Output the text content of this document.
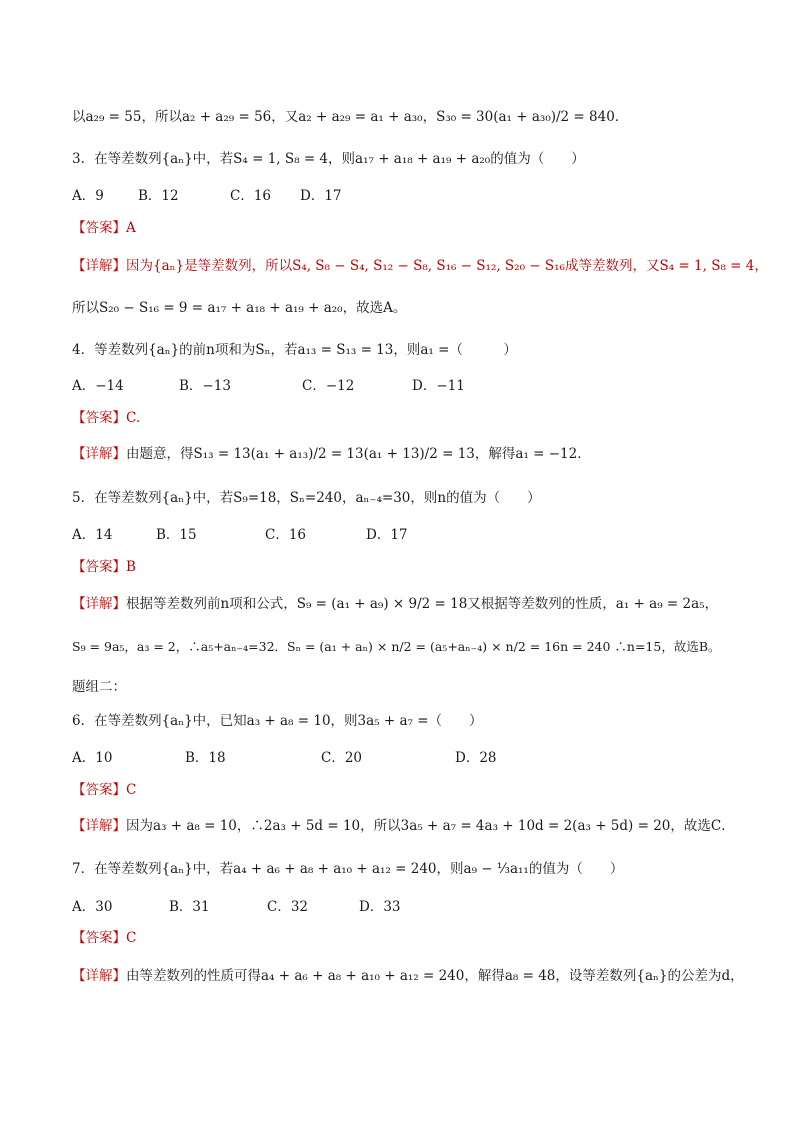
以a₂₉ = 55，所以a₂ + a₂₉ = 56，又a₂ + a₂₉ = a₁ + a₃₀，S₃₀ = 30(a₁ + a₃₀)/2 = 840．
3．在等差数列{aₙ}中，若S₄ = 1, S₈ = 4，则a₁₇ + a₁₈ + a₁₉ + a₂₀的值为（　　）
A．9	B．12	C．16 D．17
【答案】A
【详解】因为{aₙ}是等差数列，所以S₄, S₈ − S₄, S₁₂ − S₈, S₁₆ − S₁₂, S₂₀ − S₁₆成等差数列，又S₄ = 1, S₈ = 4，
所以S₂₀ − S₁₆ = 9 = a₁₇ + a₁₈ + a₁₉ + a₂₀，故选A。
4．等差数列{aₙ}的前n项和为Sₙ，若a₁₃ = S₁₃ = 13，则a₁ =（　　　）
A．−14	B．−13	C．−12	D．−11
【答案】C.
【详解】由题意，得S₁₃ = 13(a₁ + a₁₃)/2 = 13(a₁ + 13)/2 = 13，解得a₁ = −12．
5．在等差数列{aₙ}中，若S₉=18，Sₙ=240，aₙ₋₄=30，则n的值为（　　）
A．14	B．15	C．16	D．17
【答案】B
【详解】根据等差数列前n项和公式，S₉ = (a₁ + a₉) × 9/2 = 18又根据等差数列的性质，a₁ + a₉ = 2a₅，
S₉ = 9a₅，a₃ = 2，∴a₅+aₙ₋₄=32．Sₙ = (a₁ + aₙ) × n/2 = (a₅+aₙ₋₄) × n/2 = 16n = 240 ∴n=15，故选B。
题组二：
6．在等差数列{aₙ}中，已知a₃ + a₈ = 10，则3a₅ + a₇ =（　　）
A．10	B．18	C．20	D．28
【答案】C
【详解】因为a₃ + a₈ = 10，∴2a₃ + 5d = 10，所以3a₅ + a₇ = 4a₃ + 10d = 2(a₃ + 5d) = 20，故选C．
7．在等差数列{aₙ}中，若a₄ + a₆ + a₈ + a₁₀ + a₁₂ = 240，则a₉ − ⅓a₁₁的值为（　　）
A．30	B．31	C．32	D．33
【答案】C
【详解】由等差数列的性质可得a₄ + a₆ + a₈ + a₁₀ + a₁₂ = 240，解得a₈ = 48，设等差数列{aₙ}的公差为d，
